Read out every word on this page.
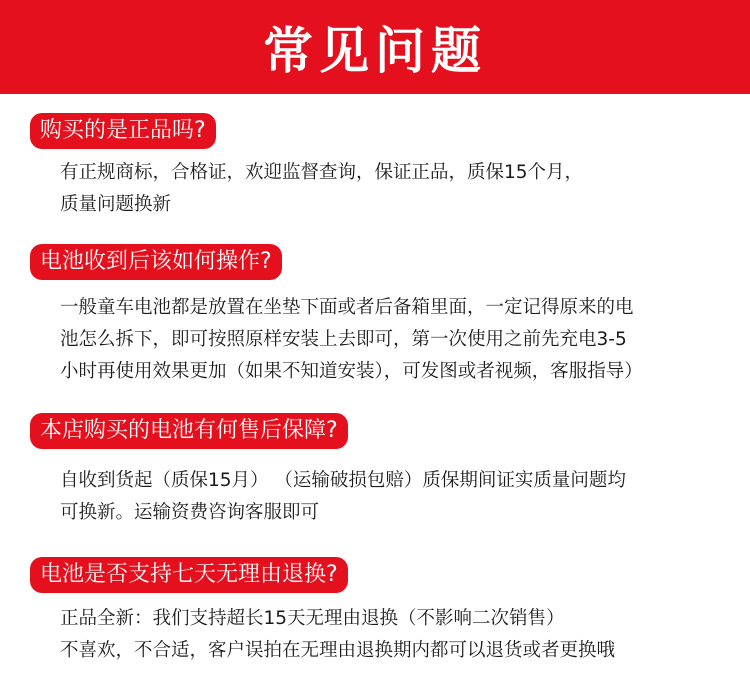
常见问题
购买的是正品吗?

有正规商标，合格证，欢迎监督查询，保证正品，质保15个月，

质量问题换新

电池收到后该如何操作?

一般童车电池都是放置在坐垫下面或者后备箱里面，一定记得原来的电

池怎么拆下，即可按照原样安装上去即可，第一次使用之前先充电3-5

小时再使用效果更加（如果不知道安装），可发图或者视频，客服指导）

本店购买的电池有何售后保障?

自收到货起（质保15月） （运输破损包赔）质保期间证实质量问题均

可换新。运输资费咨询客服即可

电池是否支持七天无理由退换?

正品全新：我们支持超长15天无理由退换（不影响二次销售）

不喜欢，不合适，客户误拍在无理由退换期内都可以退货或者更换哦
